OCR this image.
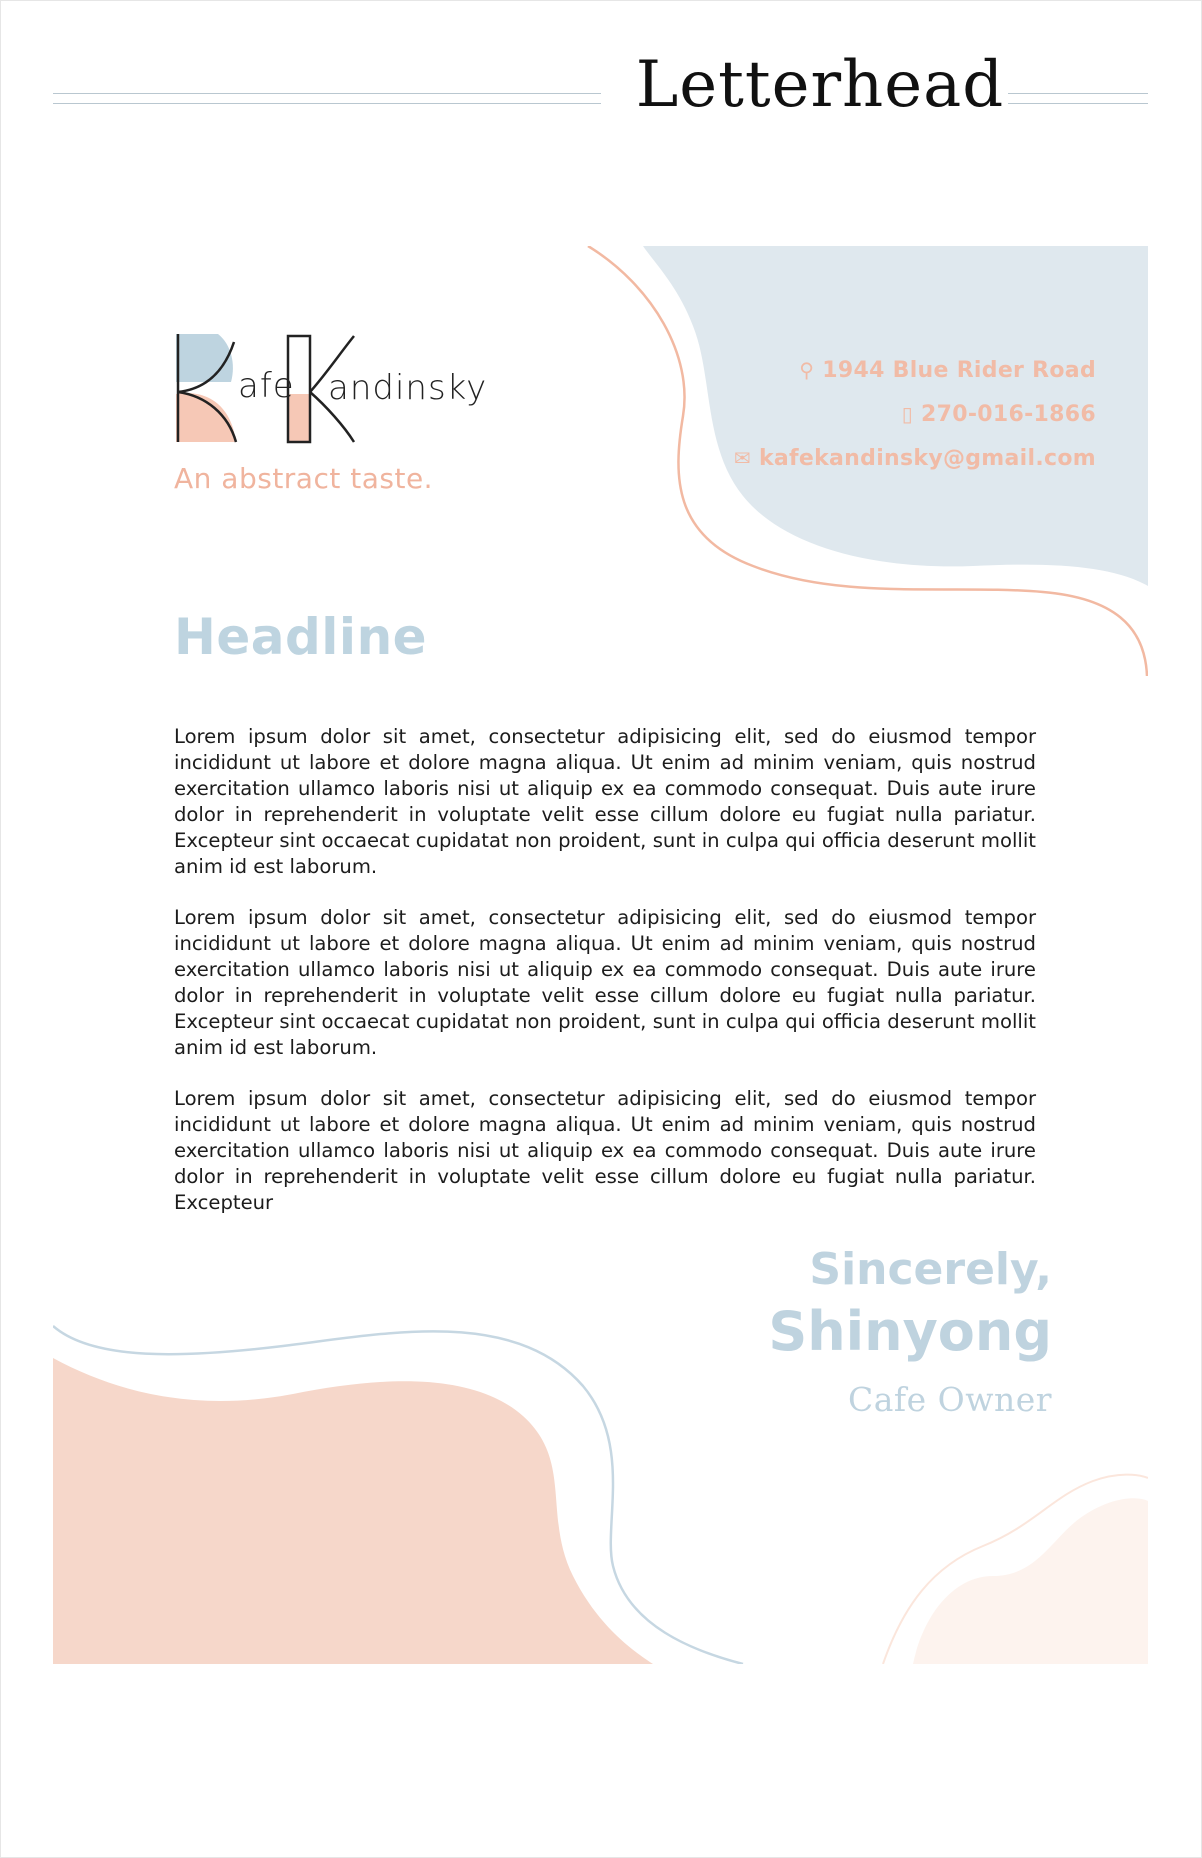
Letterhead
afe andinsky
An abstract taste.
⚲ 1944 Blue Rider Road
▯ 270-016-1866
✉ kafekandinsky@gmail.com
Headline

Lorem ipsum dolor sit amet, consectetur adipisicing elit, sed do eiusmod tempor incididunt ut labore et dolore magna aliqua. Ut enim ad minim veniam, quis nostrud exercitation ullamco laboris nisi ut aliquip ex ea commodo consequat. Duis aute irure dolor in reprehenderit in voluptate velit esse cillum dolore eu fugiat nulla pariatur. Excepteur sint occaecat cupidatat non proident, sunt in culpa qui officia deserunt mollit anim id est laborum.

Lorem ipsum dolor sit amet, consectetur adipisicing elit, sed do eiusmod tempor incididunt ut labore et dolore magna aliqua. Ut enim ad minim veniam, quis nostrud exercitation ullamco laboris nisi ut aliquip ex ea commodo consequat. Duis aute irure dolor in reprehenderit in voluptate velit esse cillum dolore eu fugiat nulla pariatur. Excepteur sint occaecat cupidatat non proident, sunt in culpa qui officia deserunt mollit anim id est laborum.

Lorem ipsum dolor sit amet, consectetur adipisicing elit, sed do eiusmod tempor incididunt ut labore et dolore magna aliqua. Ut enim ad minim veniam, quis nostrud exercitation ullamco laboris nisi ut aliquip ex ea commodo consequat. Duis aute irure dolor in reprehenderit in voluptate velit esse cillum dolore eu fugiat nulla pariatur. Excepteur

Sincerely,
Shinyong
Cafe Owner
